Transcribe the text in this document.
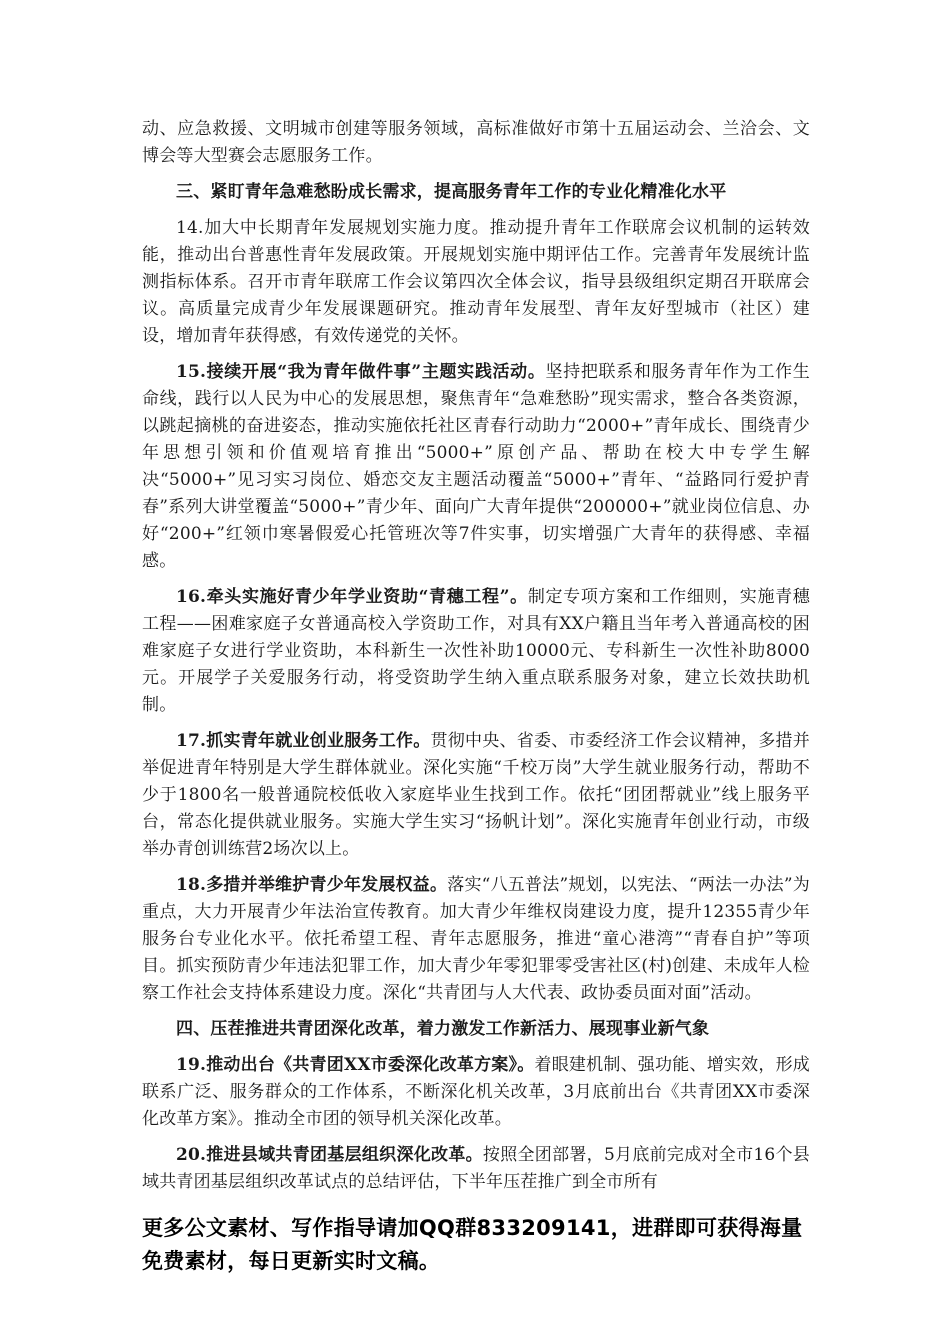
动、应急救援、文明城市创建等服务领域，高标准做好市第十五届运动会、兰洽会、文博会等大型赛会志愿服务工作。

三、紧盯青年急难愁盼成长需求，提高服务青年工作的专业化精准化水平

14.加大中长期青年发展规划实施力度。推动提升青年工作联席会议机制的运转效能，推动出台普惠性青年发展政策。开展规划实施中期评估工作。完善青年发展统计监测指标体系。召开市青年联席工作会议第四次全体会议，指导县级组织定期召开联席会议。高质量完成青少年发展课题研究。推动青年发展型、青年友好型城市（社区）建设，增加青年获得感，有效传递党的关怀。

15.接续开展“我为青年做件事”主题实践活动。坚持把联系和服务青年作为工作生命线，践行以人民为中心的发展思想，聚焦青年“急难愁盼”现实需求，整合各类资源，以跳起摘桃的奋进姿态，推动实施依托社区青春行动助力“2000+”青年成长、围绕青少年思想引领和价值观培育推出“5000+”原创产品、帮助在校大中专学生解决“5000+”见习实习岗位、婚恋交友主题活动覆盖“5000+”青年、“益路同行爱护青春”系列大讲堂覆盖“5000+”青少年、面向广大青年提供“200000+”就业岗位信息、办好“200+”红领巾寒暑假爱心托管班次等7件实事，切实增强广大青年的获得感、幸福感。

16.牵头实施好青少年学业资助“青穗工程”。制定专项方案和工作细则，实施青穗工程——困难家庭子女普通高校入学资助工作，对具有XX户籍且当年考入普通高校的困难家庭子女进行学业资助，本科新生一次性补助10000元、专科新生一次性补助8000元。开展学子关爱服务行动，将受资助学生纳入重点联系服务对象，建立长效扶助机制。

17.抓实青年就业创业服务工作。贯彻中央、省委、市委经济工作会议精神，多措并举促进青年特别是大学生群体就业。深化实施“千校万岗”大学生就业服务行动，帮助不少于1800名一般普通院校低收入家庭毕业生找到工作。依托“团团帮就业”线上服务平台，常态化提供就业服务。实施大学生实习“扬帆计划”。深化实施青年创业行动，市级举办青创训练营2场次以上。

18.多措并举维护青少年发展权益。落实“八五普法”规划，以宪法、“两法一办法”为重点，大力开展青少年法治宣传教育。加大青少年维权岗建设力度，提升12355青少年服务台专业化水平。依托希望工程、青年志愿服务，推进“童心港湾”“青春自护”等项目。抓实预防青少年违法犯罪工作，加大青少年零犯罪零受害社区(村)创建、未成年人检察工作社会支持体系建设力度。深化“共青团与人大代表、政协委员面对面”活动。

四、压茬推进共青团深化改革，着力激发工作新活力、展现事业新气象

19.推动出台《共青团XX市委深化改革方案》。着眼建机制、强功能、增实效，形成联系广泛、服务群众的工作体系，不断深化机关改革，3月底前出台《共青团XX市委深化改革方案》。推动全市团的领导机关深化改革。

20.推进县域共青团基层组织深化改革。按照全团部署，5月底前完成对全市16个县域共青团基层组织改革试点的总结评估，下半年压茬推广到全市所有

更多公文素材、写作指导请加QQ群833209141，进群即可获得海量免费素材，每日更新实时文稿。
